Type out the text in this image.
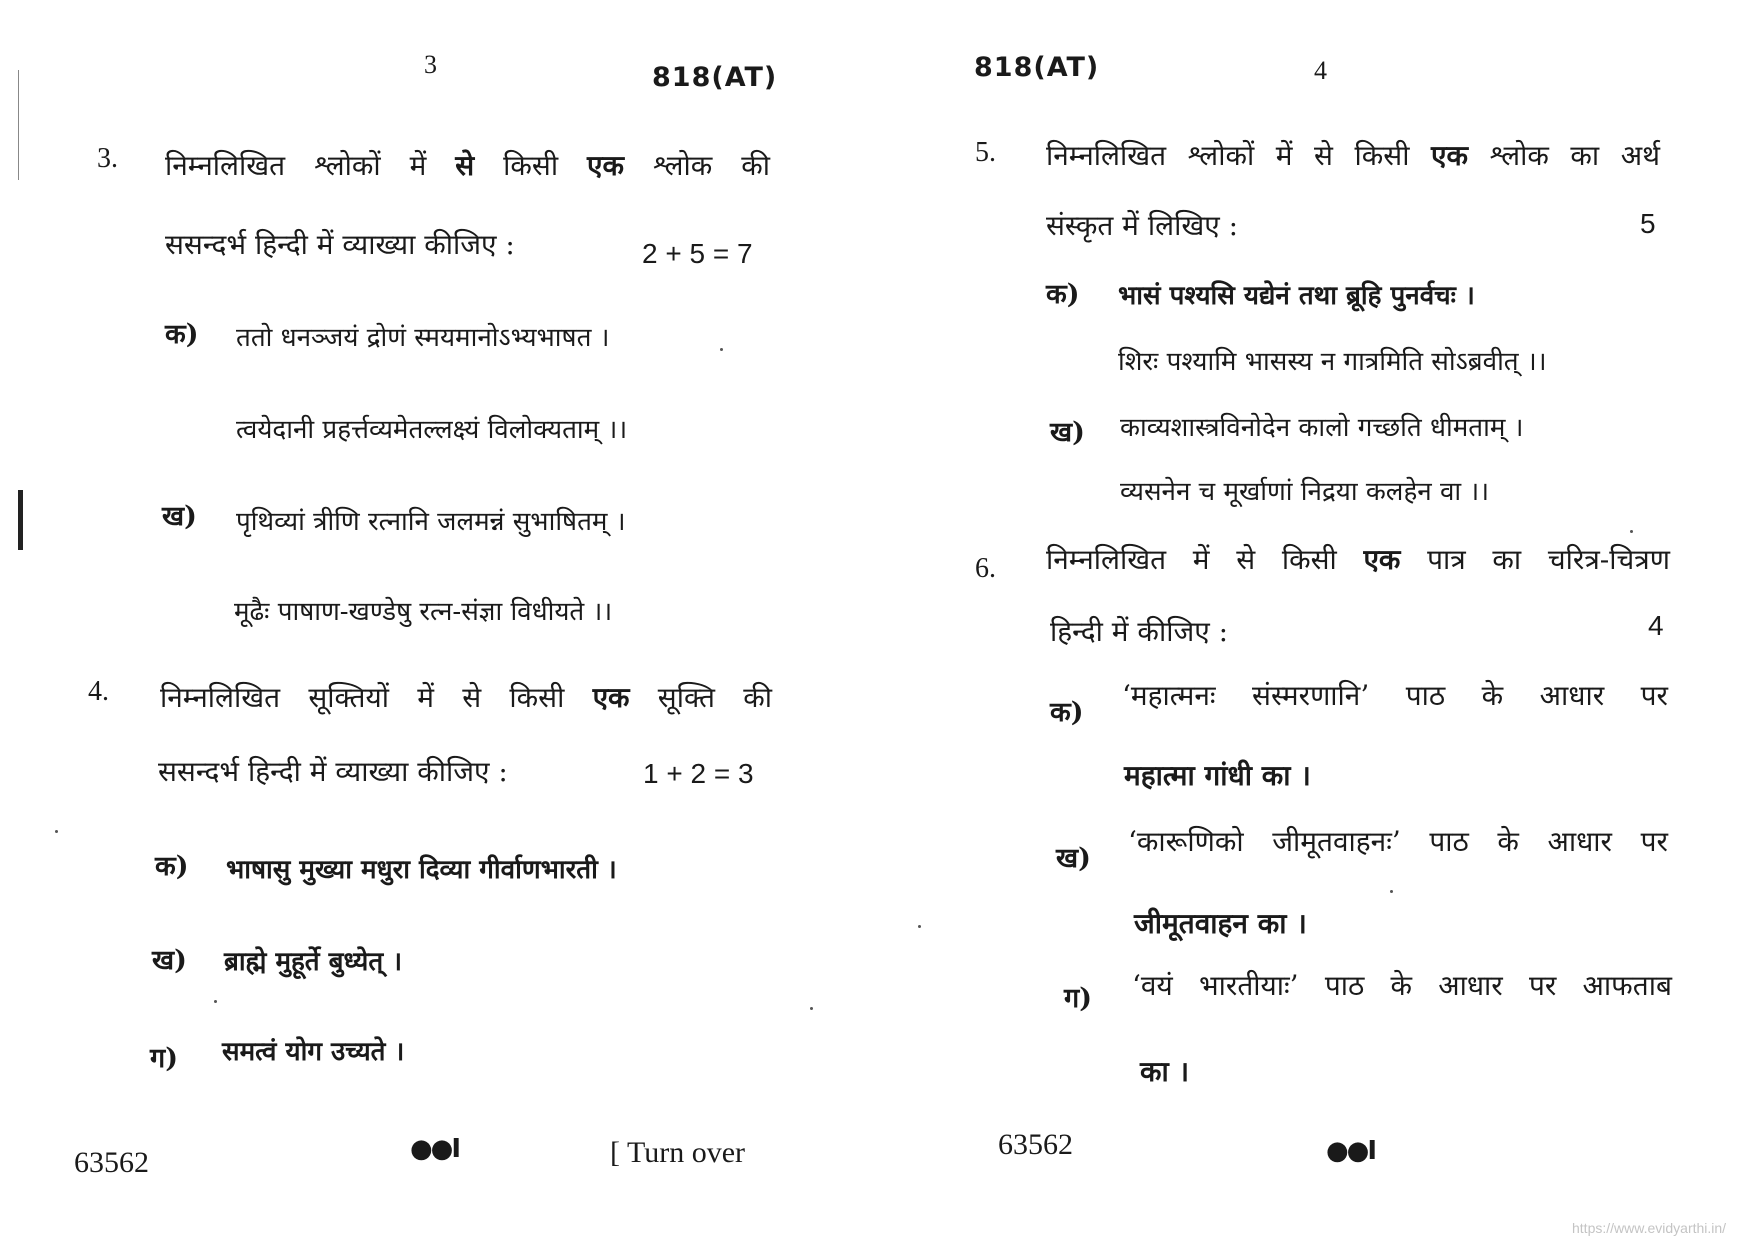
3	818(AT)
3. निम्नलिखित श्लोकों में से किसी एक श्लोक की
ससन्दर्भ हिन्दी में व्याख्या कीजिए :	2 + 5 = 7
क) ततो धनञ्जयं द्रोणं स्मयमानोऽभ्यभाषत ।
त्वयेदानी प्रहर्त्तव्यमेतल्लक्ष्यं विलोक्यताम् ।।
ख) पृथिव्यां त्रीणि रत्नानि जलमन्नं सुभाषितम् ।
मूढैः पाषाण-खण्डेषु रत्न-संज्ञा विधीयते ।।
4. निम्नलिखित सूक्तियों में से किसी एक सूक्ति की
ससन्दर्भ हिन्दी में व्याख्या कीजिए :	1 + 2 = 3
क) भाषासु मुख्या मधुरा दिव्या गीर्वाणभारती ।
ख) ब्राह्मे मुहूर्ते बुध्येत् ।
ग) समत्वं योग उच्यते ।
63562	●●I	[ Turn over
818(AT)	4
5. निम्नलिखित श्लोकों में से किसी एक श्लोक का अर्थ
संस्कृत में लिखिए :	5
क) भासं पश्यसि यद्येनं तथा ब्रूहि पुनर्वचः ।
शिरः पश्यामि भासस्य न गात्रमिति सोऽब्रवीत् ।।
ख) काव्यशास्त्रविनोदेन कालो गच्छति धीमताम् ।
व्यसनेन च मूर्खाणां निद्रया कलहेन वा ।।
6. निम्नलिखित में से किसी एक पात्र का चरित्र-चित्रण
हिन्दी में कीजिए :	4
क)
‘महात्मनः संस्मरणानि’ पाठ के आधार पर
महात्मा गांधी का ।
ख)
‘कारूणिको जीमूतवाहनः’ पाठ के आधार पर
जीमूतवाहन का ।
ग) ‘वयं भारतीयाः’ पाठ के आधार पर आफताब
का ।
63562	●●I
https://www.evidyarthi.in/
